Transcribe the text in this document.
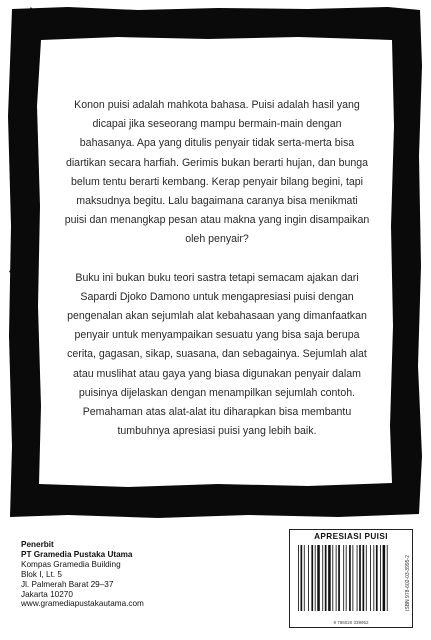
Konon puisi adalah mahkota bahasa. Puisi adalah hasil yang dicapai jika seseorang mampu bermain-main dengan bahasanya. Apa yang ditulis penyair tidak serta-merta bisa diartikan secara harfiah. Gerimis bukan berarti hujan, dan bunga belum tentu berarti kembang. Kerap penyair bilang begini, tapi maksudnya begitu. Lalu bagaimana caranya bisa menikmati puisi dan menangkap pesan atau makna yang ingin disampaikan oleh penyair?

Buku ini bukan buku teori sastra tetapi semacam ajakan dari Sapardi Djoko Damono untuk mengapresiasi puisi dengan pengenalan akan sejumlah alat kebahasaan yang dimanfaatkan penyair untuk menyampaikan sesuatu yang bisa saja berupa cerita, gagasan, sikap, suasana, dan sebagainya. Sejumlah alat atau muslihat atau gaya yang biasa digunakan penyair dalam puisinya dijelaskan dengan menampilkan sejumlah contoh. Pemahaman atas alat-alat itu diharapkan bisa membantu tumbuhnya apresiasi puisi yang lebih baik.

Penerbit
PT Gramedia Pustaka Utama
Kompas Gramedia Building
Blok I, Lt. 5
Jl. Palmerah Barat 29–37
Jakarta 10270
www.gramediapustakautama.com
APRESIASI PUISI
9 786020 339952
ISBN 978-602-03-3995-2
